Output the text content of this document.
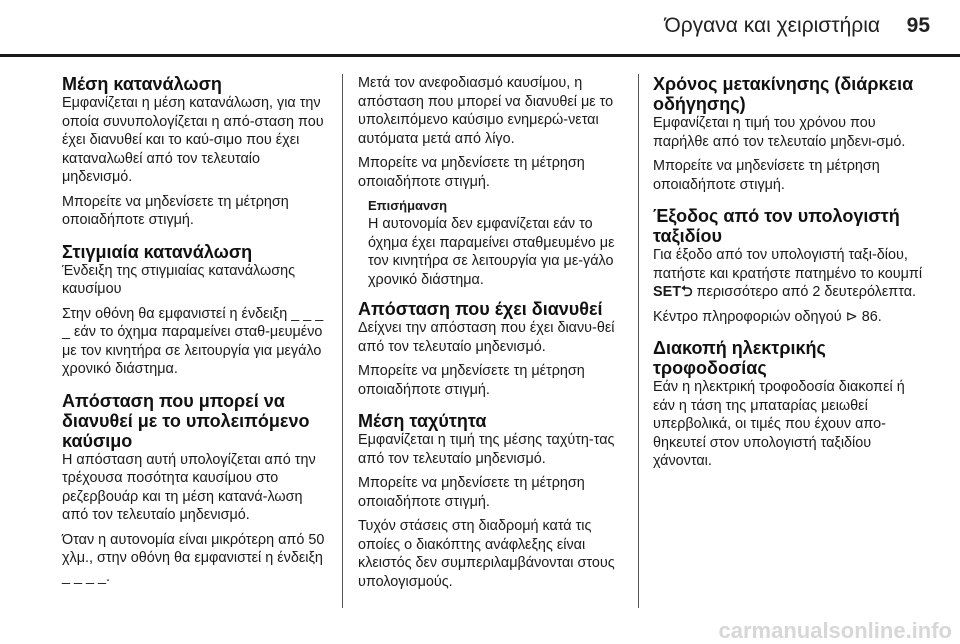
Όργανα και χειριστήρια 95
Μέση κατανάλωση

Εμφανίζεται η μέση κατανάλωση, για την οποία συνυπολογίζεται η από-σταση που έχει διανυθεί και το καύ-σιμο που έχει καταναλωθεί από τον τελευταίο μηδενισμό.

Μπορείτε να μηδενίσετε τη μέτρηση οποιαδήποτε στιγμή.

Στιγμιαία κατανάλωση

Ένδειξη της στιγμιαίας κατανάλωσης καυσίμου

Στην οθόνη θα εμφανιστεί η ένδειξη _ _ _ _ εάν το όχημα παραμείνει σταθ-μευμένο με τον κινητήρα σε λειτουργία για μεγάλο χρονικό διάστημα.

Απόσταση που μπορεί να διανυθεί με το υπολειπόμενο καύσιμο

Η απόσταση αυτή υπολογίζεται από την τρέχουσα ποσότητα καυσίμου στο ρεζερβουάρ και τη μέση κατανά-λωση από τον τελευταίο μηδενισμό.

Όταν η αυτονομία είναι μικρότερη από 50 χλμ., στην οθόνη θα εμφανιστεί η ένδειξη _ _ _ _.

Μετά τον ανεφοδιασμό καυσίμου, η απόσταση που μπορεί να διανυθεί με το υπολειπόμενο καύσιμο ενημερώ-νεται αυτόματα μετά από λίγο.

Μπορείτε να μηδενίσετε τη μέτρηση οποιαδήποτε στιγμή.

Επισήμανση

Η αυτονομία δεν εμφανίζεται εάν το όχημα έχει παραμείνει σταθμευμένο με τον κινητήρα σε λειτουργία για με-γάλο χρονικό διάστημα.

Απόσταση που έχει διανυθεί

Δείχνει την απόσταση που έχει διανυ-θεί από τον τελευταίο μηδενισμό.

Μπορείτε να μηδενίσετε τη μέτρηση οποιαδήποτε στιγμή.

Μέση ταχύτητα

Εμφανίζεται η τιμή της μέσης ταχύτη-τας από τον τελευταίο μηδενισμό.

Μπορείτε να μηδενίσετε τη μέτρηση οποιαδήποτε στιγμή.

Τυχόν στάσεις στη διαδρομή κατά τις οποίες ο διακόπτης ανάφλεξης είναι κλειστός δεν συμπεριλαμβάνονται στους υπολογισμούς.

Χρόνος μετακίνησης (διάρκεια οδήγησης)

Εμφανίζεται η τιμή του χρόνου που παρήλθε από τον τελευταίο μηδενι-σμό.

Μπορείτε να μηδενίσετε τη μέτρηση οποιαδήποτε στιγμή.

Έξοδος από τον υπολογιστή ταξιδίου

Για έξοδο από τον υπολογιστή ταξι-δίου, πατήστε και κρατήστε πατημένο το κουμπί SET⮌ περισσότερο από 2 δευτερόλεπτα.

Κέντρο πληροφοριών οδηγού ⊳ 86.

Διακοπή ηλεκτρικής τροφοδοσίας

Εάν η ηλεκτρική τροφοδοσία διακοπεί ή εάν η τάση της μπαταρίας μειωθεί υπερβολικά, οι τιμές που έχουν απο-θηκευτεί στον υπολογιστή ταξιδίου χάνονται.

carmanualsonline.info
